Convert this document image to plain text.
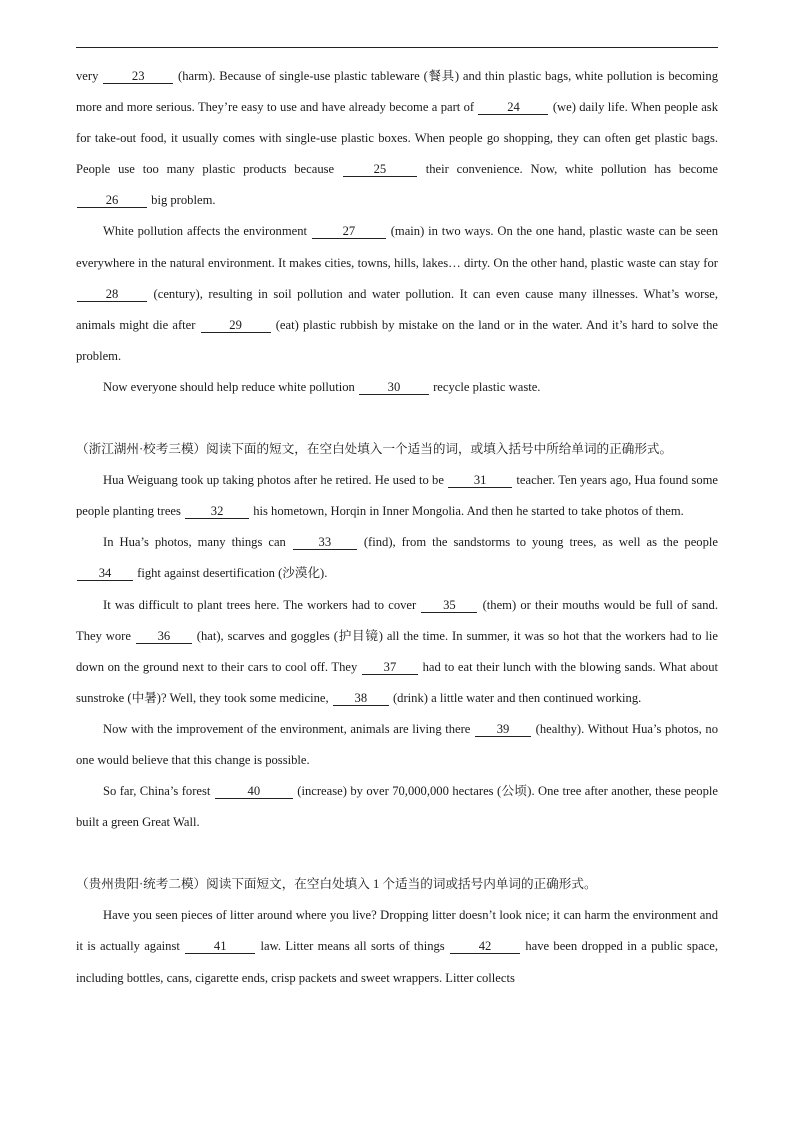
very 23 (harm). Because of single-use plastic tableware (餐具) and thin plastic bags, white pollution is becoming more and more serious. They’re easy to use and have already become a part of 24 (we) daily life. When people ask for take-out food, it usually comes with single-use plastic boxes. When people go shopping, they can often get plastic bags. People use too many plastic products because	25	their convenience. Now, white pollution has become 26 big problem.

White pollution affects the environment	27	(main) in two ways. On the one hand, plastic waste can be seen everywhere in the natural environment. It makes cities, towns, hills, lakes… dirty. On the other hand, plastic waste can stay for 28 (century), resulting in soil pollution and water pollution. It can even cause many illnesses. What’s worse, animals might die after 29 (eat) plastic rubbish by mistake on the land or in the water. And it’s hard to solve the problem.

Now everyone should help reduce white pollution 30 recycle plastic waste.

（浙江湖州·校考三模）阅读下面的短文，在空白处填入一个适当的词，或填入括号中所给单词的正确形式。

Hua Weiguang took up taking photos after he retired. He used to be 31 teacher. Ten years ago, Hua found some people planting trees 32 his hometown, Horqin in Inner Mongolia. And then he started to take photos of them.

In Hua’s photos, many things can 33 (find), from the sandstorms to young trees, as well as the people 34 fight against desertification (沙漠化).

It was difficult to plant trees here. The workers had to cover 35 (them) or their mouths would be full of sand. They wore 36 (hat), scarves and goggles (护目镜) all the time. In summer, it was so hot that the workers had to lie down on the ground next to their cars to cool off. They 37 had to eat their lunch with the blowing sands. What about sunstroke (中暑)? Well, they took some medicine, 38 (drink) a little water and then continued working.

Now with the improvement of the environment, animals are living there 39 (healthy). Without Hua’s photos, no one would believe that this change is possible.

So far, China’s forest	40	(increase) by over 70,000,000 hectares (公顷). One tree after another, these people built a green Great Wall.

（贵州贵阳·统考二模）阅读下面短文，在空白处填入 1 个适当的词或括号内单词的正确形式。

Have you seen pieces of litter around where you live? Dropping litter doesn’t look nice; it can harm the environment and it is actually against 41 law. Litter means all sorts of things 42 have been dropped in a public space, including bottles, cans, cigarette ends, crisp packets and sweet wrappers. Litter collects
